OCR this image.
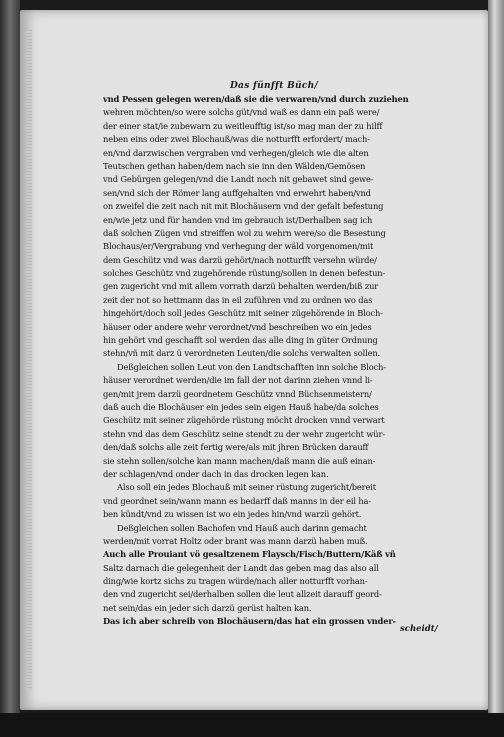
Das fünfft Büch/
vnd Pessen gelegen weren/daß sie die verwaren/vnd durch zuziehen
wehren möchten/so were solchs güt/vnd waß es dann ein paß were/
der einer stat/ie zubewarn zu weitleufftig ist/so mag man der zu hilff
neben eins oder zwei Blochauß/was die notturfft erfordert/ mach-
en/vnd darzwischen vergraben vnd verhegen/gleich wie die alten
Teutschen gethan haben/dem nach sie inn den Wälden/Gemösen
vnd Gebürgen gelegen/vnd die Landt noch nit gebawet sind gewe-
sen/vnd sich der Römer lang auffgehalten vnd erwehrt haben/vnd
on zweifel die zeit nach nit mit Blochäusern vnd der gefalt befestung
en/wie jetz und für handen vnd im gebrauch ist/Derhalben sag ich
daß solchen Zügen vnd streiffen wol zu wehrn were/so die Besestung
Blochaus/er/Vergrabung vnd verhegung der wäld vorgenomen/mit
dem Geschütz vnd was darzü gehört/nach notturfft versehn würde/
solches Geschütz vnd zugehörende rüstung/sollen in denen befestun-
gen zugericht vnd mit allem vorrath darzü behalten werden/biß zur
zeit der not so hettmann das in eil zuführen vnd zu ordnen wo das
hingehört/doch soll jedes Geschütz mit seiner zügehörende in Bloch-
häuser oder andere wehr verordnet/vnd beschreiben wo ein jedes
hin gehört vnd geschafft sol werden das alle ding in güter Ordnung
stehn/vñ mit darz ü verordneten Leuten/die solchs verwalten sollen.
Deßgleichen sollen Leut von den Landtschafften inn solche Bloch-
häuser verordnet werden/die im fall der not darinn ziehen vnnd li-
gen/mit jrem darzü geordnetem Geschütz vnnd Büchsenmeistern/
daß auch die Blochäuser ein jedes sein eigen Hauß habe/da solches
Geschütz mit seiner zügehörde rüstung möcht drocken vnnd verwart
stehn vnd das dem Geschütz seine stendt zu der wehr zugericht wür-
den/daß solchs alle zeit fertig were/als mit jhren Brücken darauff
sie stehn sollen/solche kan mann machen/daß mann die auß einan-
der schlagen/vnd onder dach in das drocken legen kan.
Also soll ein jedes Blochauß mit seiner rüstung zugericht/bereit
vnd geordnet sein/wann mann es bedarff daß manns in der eil ha-
ben kündt/vnd zu wissen ist wo ein jedes hin/vnd warzü gehört.
Deßgleichen sollen Bachofen vnd Hauß auch darinn gemacht
werden/mit vorrat Holtz oder brant was mann darzü haben muß.
Auch alle Prouiant vö gesaltzenem Flaysch/Fisch/Buttern/Käß vñ
Saltz darnach die gelegenheit der Landt das geben mag das also all
ding/wie kortz sichs zu tragen würde/nach aller notturfft vorhan-
den vnd zugericht sei/derhalben sollen die leut allzeit darauff geord-
net sein/das ein jeder sich darzü gerüst halten kan.
Das ich aber schreib von Blochäusern/das hat ein grossen vnder-
scheidt/
